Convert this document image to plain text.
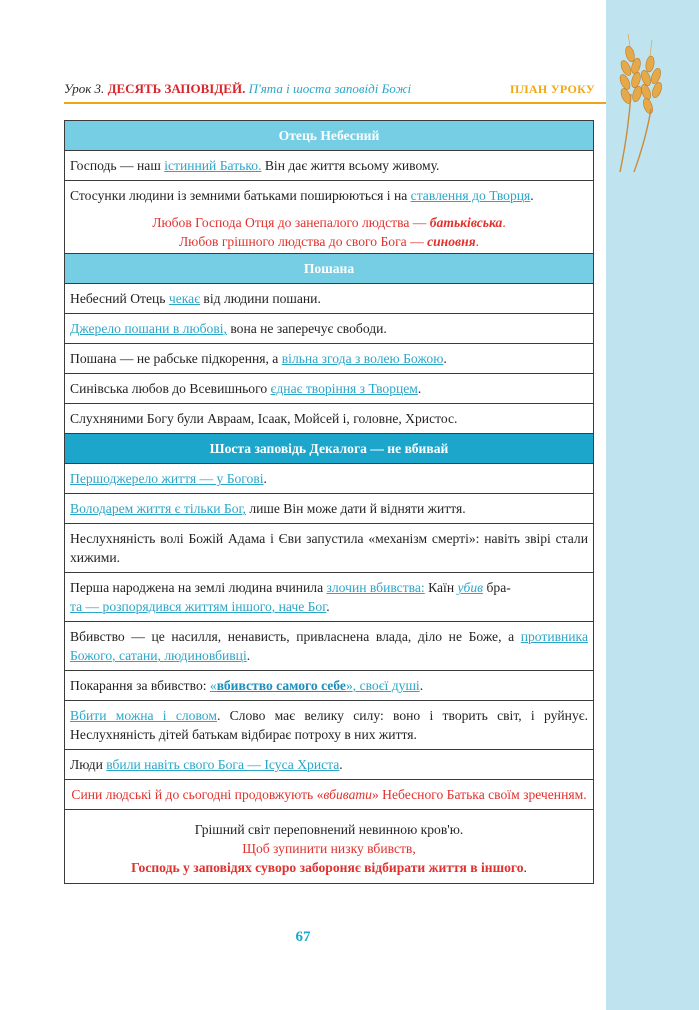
Урок 3. ДЕСЯТЬ ЗАПОВІДЕЙ. П'ята і шоста заповіді Божі	ПЛАН УРОКУ
Отець Небесний
Господь — наш істинний Батько. Він дає життя всьому живому.
Стосунки людини із земними батьками поширюються і на ставлення до Творця.
Любов Господа Отця до занепалого людства — батьківська.
Любов грішного людства до свого Бога — синовня.

Пошана
Небесний Отець чекає від людини пошани.
Джерело пошани в любові, вона не заперечує свободи.
Пошана — не рабське підкорення, а вільна згода з волею Божою.
Синівська любов до Всевишнього єднає творіння з Творцем.
Слухняними Богу були Авраам, Ісаак, Мойсей і, головне, Христос.
Шоста заповідь Декалога — не вбивай
Першоджерело життя — у Богові.
Володарем життя є тільки Бог, лише Він може дати й відняти життя.
Неслухняність волі Божій Адама і Єви запустила «механізм смерті»: навіть звірі стали хижими.
Перша народжена на землі людина вчинила злочин вбивства: Каїн убив бра-
та — розпорядився життям іншого, наче Бог.
Вбивство — це насилля, ненависть, привласнена влада, діло не Боже, а противника Божого, сатани, людиновбивці.
Покарання за вбивство: «вбивство самого себе», своєї душі.
Вбити можна і словом. Слово має велику силу: воно і творить світ, і руйнує. Неслухняність дітей батькам відбирає потроху в них життя.
Люди вбили навіть свого Бога — Ісуса Христа.
Сини людські й до сьогодні продовжують «вбивати» Небесного Батька своїм зреченням.

Грішний світ переповнений невинною кров'ю.
Щоб зупинити низку вбивств,
Господь у заповідях суворо забороняє відбирати життя в іншого.
67
